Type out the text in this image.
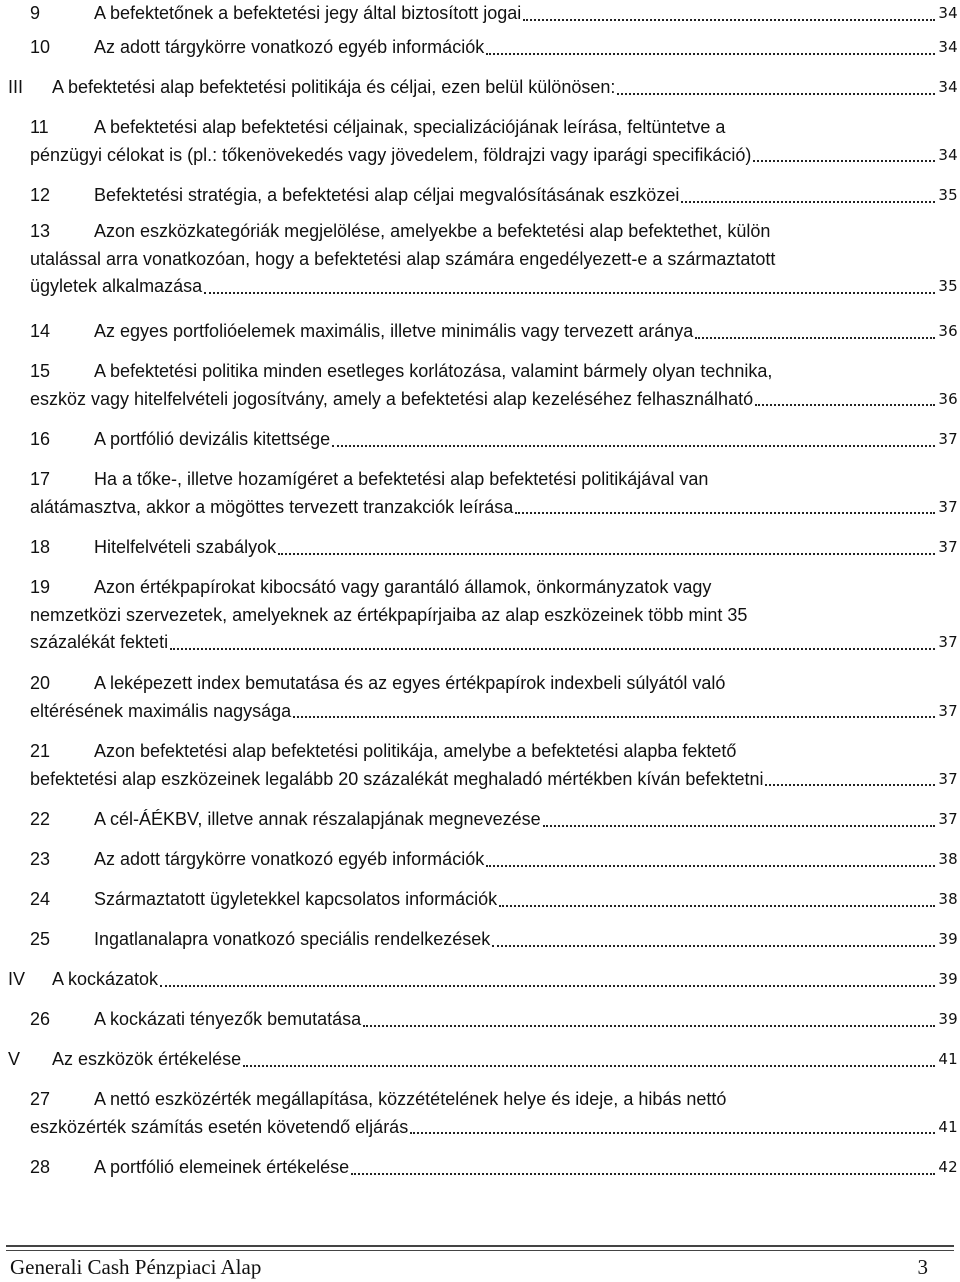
9	A befektetőnek a befektetési jegy által biztosított jogai	34
10 Az adott tárgykörre vonatkozó egyéb információk	34
III A befektetési alap befektetési politikája és céljai, ezen belül különösen:	34
11	A befektetési alap befektetési céljainak, specializációjának leírása, feltüntetve a
pénzügyi célokat is (pl.: tőkenövekedés vagy jövedelem, földrajzi vagy iparági specifikáció)	34
12 Befektetési stratégia, a befektetési alap céljai megvalósításának eszközei	35
13 Azon eszközkategóriák megjelölése, amelyekbe a befektetési alap befektethet, külön
utalással arra vonatkozóan, hogy a befektetési alap számára engedélyezett-e a származtatott
ügyletek alkalmazása	35
14 Az egyes portfolióelemek maximális, illetve minimális vagy tervezett aránya	36
15 A befektetési politika minden esetleges korlátozása, valamint bármely olyan technika,
eszköz vagy hitelfelvételi jogosítvány, amely a befektetési alap kezeléséhez felhasználható	36
16 A portfólió devizális kitettsége	37
17 Ha a tőke-, illetve hozamígéret a befektetési alap befektetési politikájával van
alátámasztva, akkor a mögöttes tervezett tranzakciók leírása	37
18 Hitelfelvételi szabályok	37
19 Azon értékpapírokat kibocsátó vagy garantáló államok, önkormányzatok vagy
nemzetközi szervezetek, amelyeknek az értékpapírjaiba az alap eszközeinek több mint 35
százalékát fekteti	37
20 A leképezett index bemutatása és az egyes értékpapírok indexbeli súlyától való
eltérésének maximális nagysága	37
21 Azon befektetési alap befektetési politikája, amelybe a befektetési alapba fektető
befektetési alap eszközeinek legalább 20 százalékát meghaladó mértékben kíván befektetni	37
22 A cél-ÁÉKBV, illetve annak részalapjának megnevezése	37
23 Az adott tárgykörre vonatkozó egyéb információk	38
24 Származtatott ügyletekkel kapcsolatos információk	38
25 Ingatlanalapra vonatkozó speciális rendelkezések	39
IV A kockázatok	39
26 A kockázati tényezők bemutatása	39
V Az eszközök értékelése	41
27 A nettó eszközérték megállapítása, közzétételének helye és ideje, a hibás nettó
eszközérték számítás esetén követendő eljárás	41
28 A portfólió elemeinek értékelése	42
Generali Cash Pénzpiaci Alap	3
